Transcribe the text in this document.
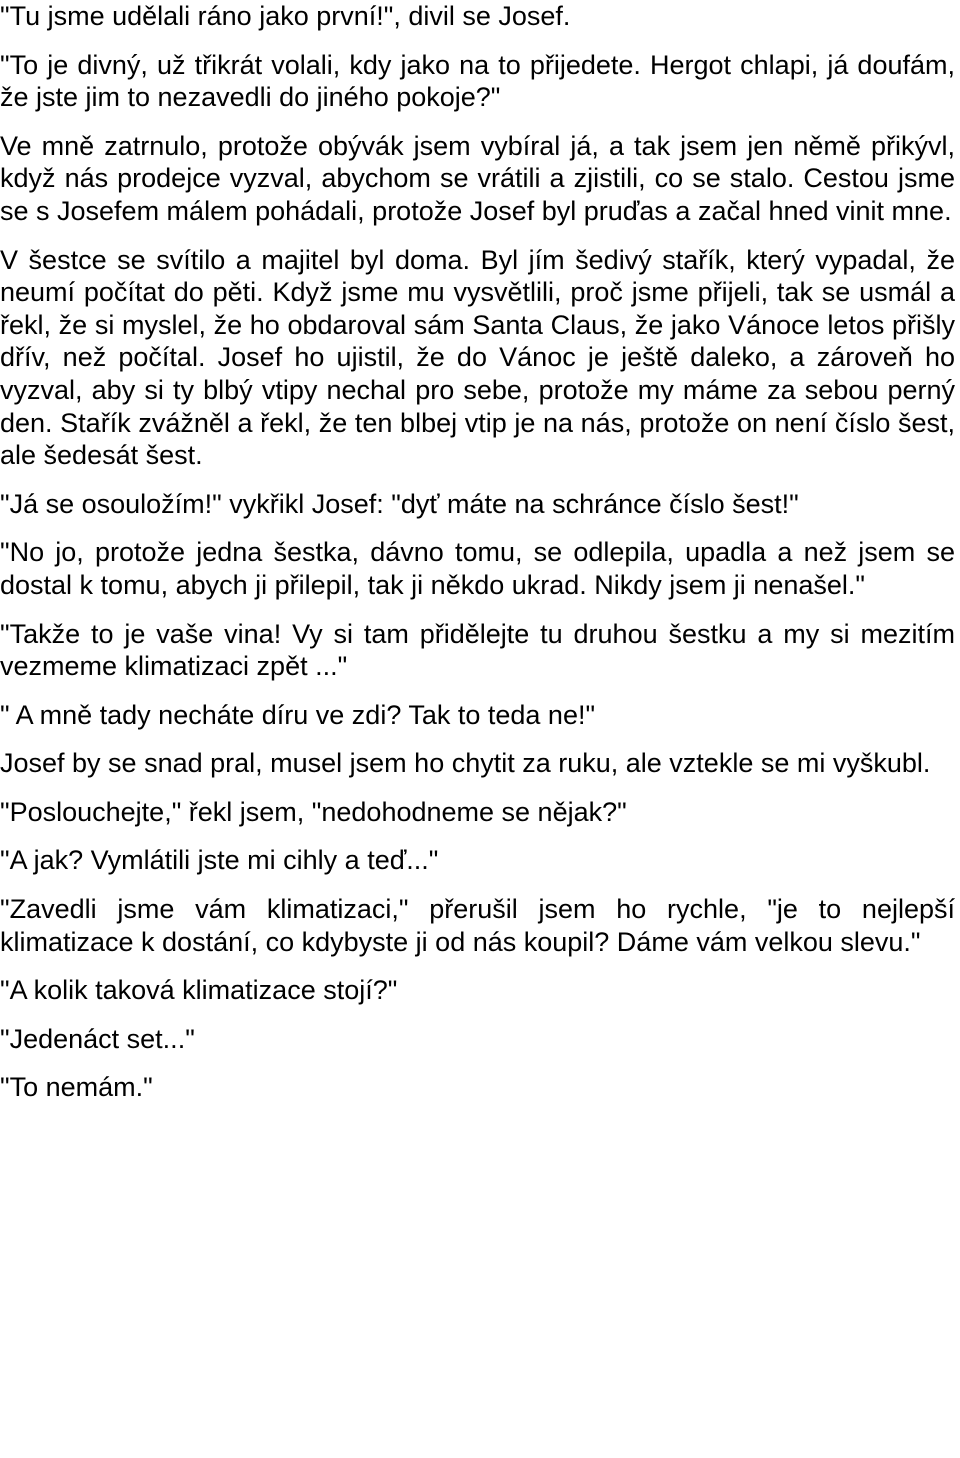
"Tu jsme udělali ráno jako první!", divil se Josef.

"To je divný, už třikrát volali, kdy jako na to přijedete. Hergot chlapi, já doufám, že jste jim to nezavedli do jiného pokoje?"

Ve mně zatrnulo, protože obývák jsem vybíral já, a tak jsem jen němě přikývl, když nás prodejce vyzval, abychom se vrátili a zjistili, co se stalo. Cestou jsme se s Josefem málem pohádali, protože Josef byl pruďas a začal hned vinit mne.

V šestce se svítilo a majitel byl doma. Byl jím šedivý stařík, který vypadal, že neumí počítat do pěti. Když jsme mu vysvětlili, proč jsme přijeli, tak se usmál a řekl, že si myslel, že ho obdaroval sám Santa Claus, že jako Vánoce letos přišly dřív, než počítal. Josef ho ujistil, že do Vánoc je ještě daleko, a zároveň ho vyzval, aby si ty blbý vtipy nechal pro sebe, protože my máme za sebou perný den. Stařík zvážněl a řekl, že ten blbej vtip je na nás, protože on není číslo šest, ale šedesát šest.

"Já se osouložím!" vykřikl Josef: "dyť máte na schránce číslo šest!"

"No jo, protože jedna šestka, dávno tomu, se odlepila, upadla a než jsem se dostal k tomu, abych ji přilepil, tak ji někdo ukrad. Nikdy jsem ji nenašel."

"Takže to je vaše vina! Vy si tam přidělejte tu druhou šestku a my si mezitím vezmeme klimatizaci zpět ..."

" A mně tady necháte díru ve zdi? Tak to teda ne!"

Josef by se snad pral, musel jsem ho chytit za ruku, ale vztekle se mi vyškubl.

"Poslouchejte," řekl jsem, "nedohodneme se nějak?"

"A jak? Vymlátili jste mi cihly a teď..."

"Zavedli jsme vám klimatizaci," přerušil jsem ho rychle, "je to nejlepší klimatizace k dostání, co kdybyste ji od nás koupil? Dáme vám velkou slevu."

"A kolik taková klimatizace stojí?"

"Jedenáct set..."

"To nemám."
